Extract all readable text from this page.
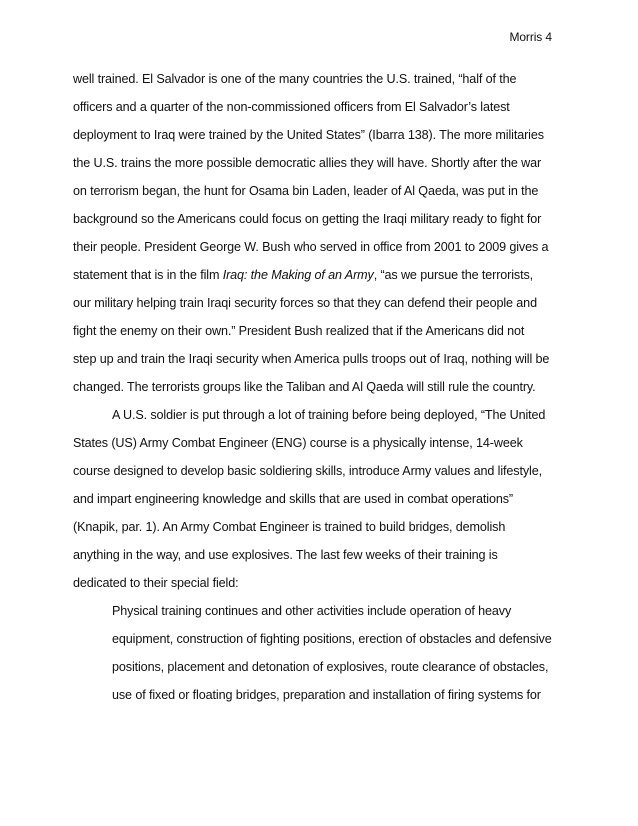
Morris 4
well trained. El Salvador is one of the many countries the U.S. trained, “half of the
officers and a quarter of the non-commissioned officers from El Salvador’s latest
deployment to Iraq were trained by the United States” (Ibarra 138). The more militaries
the U.S. trains the more possible democratic allies they will have. Shortly after the war
on terrorism began, the hunt for Osama bin Laden, leader of Al Qaeda, was put in the
background so the Americans could focus on getting the Iraqi military ready to fight for
their people. President George W. Bush who served in office from 2001 to 2009 gives a
statement that is in the film Iraq: the Making of an Army, “as we pursue the terrorists,
our military helping train Iraqi security forces so that they can defend their people and
fight the enemy on their own.” President Bush realized that if the Americans did not
step up and train the Iraqi security when America pulls troops out of Iraq, nothing will be
changed. The terrorists groups like the Taliban and Al Qaeda will still rule the country.
A U.S. soldier is put through a lot of training before being deployed, “The United
States (US) Army Combat Engineer (ENG) course is a physically intense, 14-week
course designed to develop basic soldiering skills, introduce Army values and lifestyle,
and impart engineering knowledge and skills that are used in combat operations”
(Knapik, par. 1). An Army Combat Engineer is trained to build bridges, demolish
anything in the way, and use explosives. The last few weeks of their training is
dedicated to their special field:
Physical training continues and other activities include operation of heavy
equipment, construction of fighting positions, erection of obstacles and defensive
positions, placement and detonation of explosives, route clearance of obstacles,
use of fixed or floating bridges, preparation and installation of firing systems for
